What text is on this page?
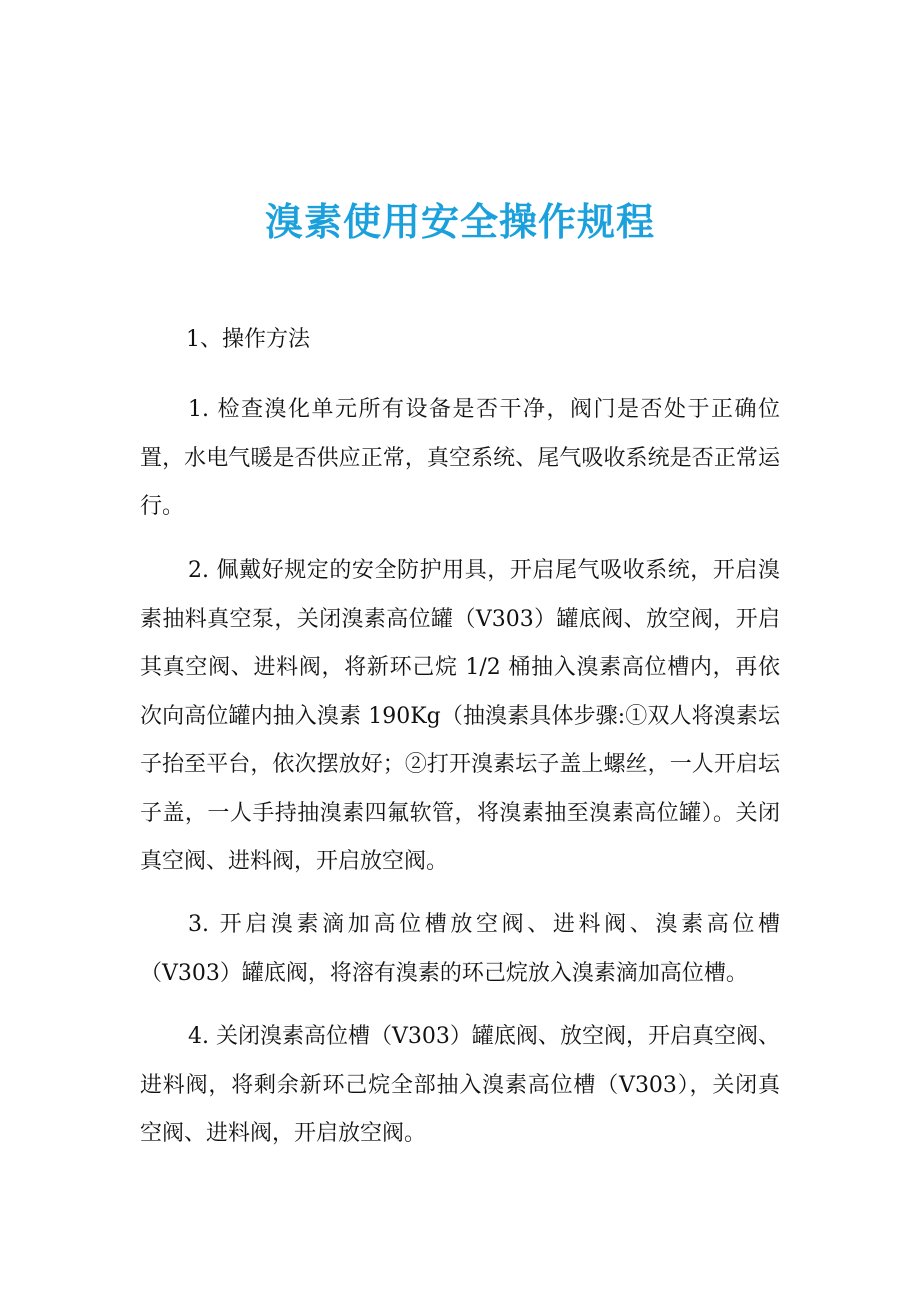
溴素使用安全操作规程
1、操作方法

1. 检查溴化单元所有设备是否干净，阀门是否处于正确位置，水电气暖是否供应正常，真空系统、尾气吸收系统是否正常运行。

2. 佩戴好规定的安全防护用具，开启尾气吸收系统，开启溴素抽料真空泵，关闭溴素高位罐（V303）罐底阀、放空阀，开启其真空阀、进料阀，将新环己烷 1/2 桶抽入溴素高位槽内，再依次向高位罐内抽入溴素 190Kg（抽溴素具体步骤:①双人将溴素坛子抬至平台，依次摆放好；②打开溴素坛子盖上螺丝，一人开启坛子盖，一人手持抽溴素四氟软管，将溴素抽至溴素高位罐）。关闭真空阀、进料阀，开启放空阀。

3. 开启溴素滴加高位槽放空阀、进料阀、溴素高位槽（V303）罐底阀，将溶有溴素的环己烷放入溴素滴加高位槽。

4. 关闭溴素高位槽（V303）罐底阀、放空阀，开启真空阀、进料阀，将剩余新环己烷全部抽入溴素高位槽（V303），关闭真空阀、进料阀，开启放空阀。
